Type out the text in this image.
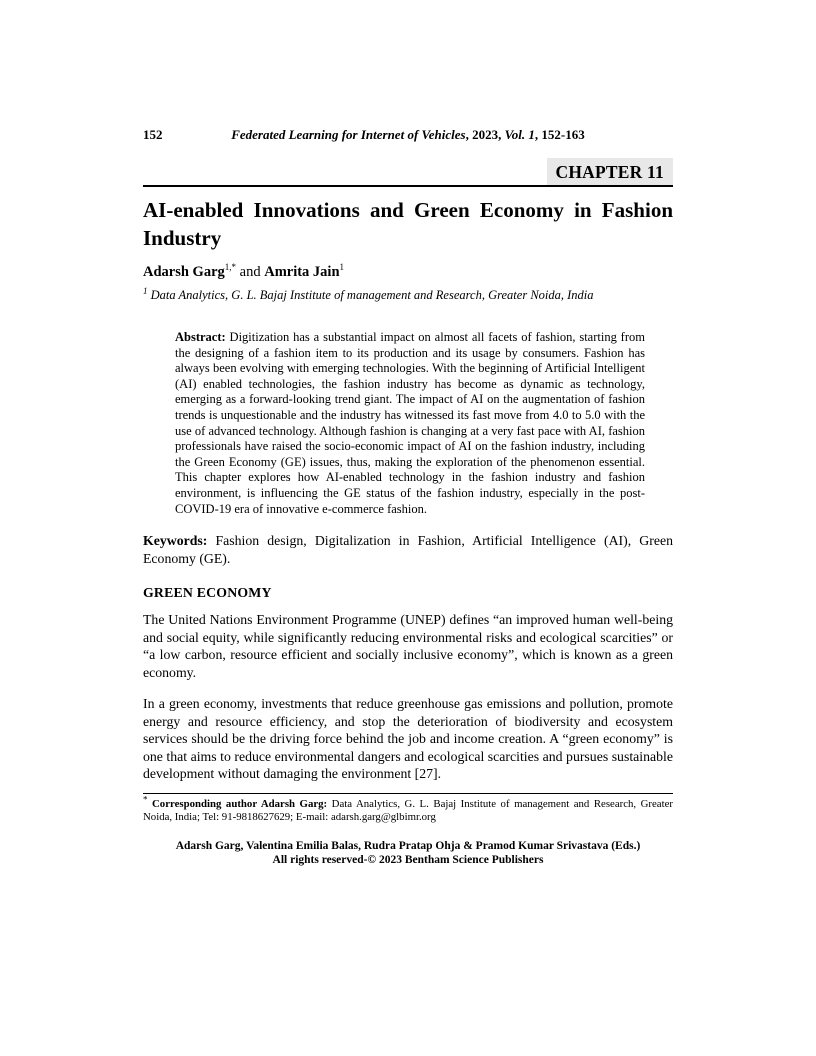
152	Federated Learning for Internet of Vehicles, 2023, Vol. 1, 152-163
CHAPTER 11
AI-enabled Innovations and Green Economy in Fashion Industry
Adarsh Garg$^{1,*}$ and Amrita Jain$^1$
$^1$ Data Analytics, G. L. Bajaj Institute of management and Research, Greater Noida, India
Abstract: Digitization has a substantial impact on almost all facets of fashion, starting from the designing of a fashion item to its production and its usage by consumers. Fashion has always been evolving with emerging technologies. With the beginning of Artificial Intelligent (AI) enabled technologies, the fashion industry has become as dynamic as technology, emerging as a forward-looking trend giant. The impact of AI on the augmentation of fashion trends is unquestionable and the industry has witnessed its fast move from 4.0 to 5.0 with the use of advanced technology. Although fashion is changing at a very fast pace with AI, fashion professionals have raised the socio-economic impact of AI on the fashion industry, including the Green Economy (GE) issues, thus, making the exploration of the phenomenon essential. This chapter explores how AI-enabled technology in the fashion industry and fashion environment, is influencing the GE status of the fashion industry, especially in the post-COVID-19 era of innovative e-commerce fashion.
Keywords: Fashion design, Digitalization in Fashion, Artificial Intelligence (AI), Green Economy (GE).
GREEN ECONOMY

The United Nations Environment Programme (UNEP) defines “an improved human well-being and social equity, while significantly reducing environmental risks and ecological scarcities” or “a low carbon, resource efficient and socially inclusive economy”, which is known as a green economy.

In a green economy, investments that reduce greenhouse gas emissions and pollution, promote energy and resource efficiency, and stop the deterioration of biodiversity and ecosystem services should be the driving force behind the job and income creation. A “green economy” is one that aims to reduce environmental dangers and ecological scarcities and pursues sustainable development without damaging the environment [27].

* Corresponding author Adarsh Garg: Data Analytics, G. L. Bajaj Institute of management and Research, Greater Noida, India; Tel: 91-9818627629; E-mail: adarsh.garg@glbimr.org
Adarsh Garg, Valentina Emilia Balas, Rudra Pratap Ohja & Pramod Kumar Srivastava (Eds.)
All rights reserved-© 2023 Bentham Science Publishers
